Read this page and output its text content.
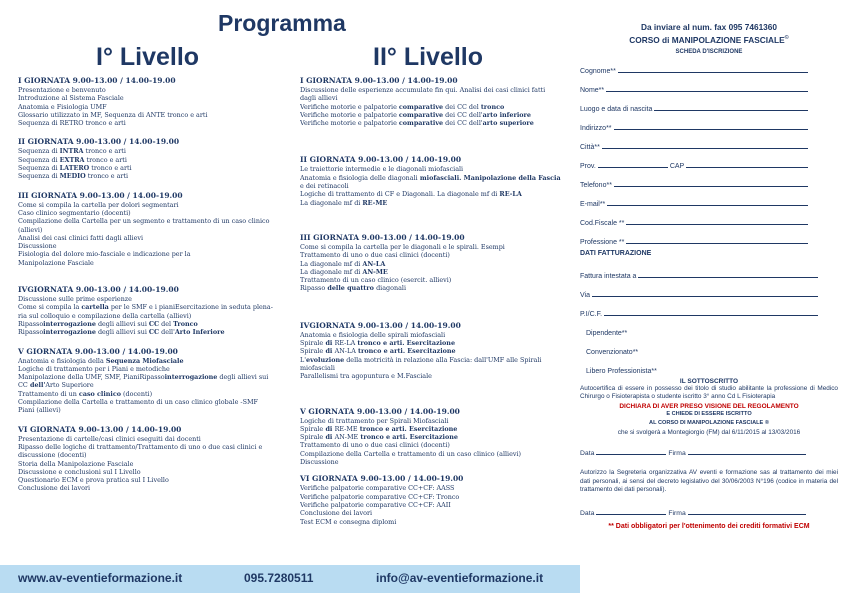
Programma
I° Livello	II° Livello
I GIORNATA 9.00-13.00 / 14.00-19.00
Presentazione e benvenuto
Introduzione al Sistema Fasciale
Anatomia e Fisiologia UMF
Glossario utilizzato in MF, Sequenza di ANTE tronco e arti
Sequenza di RETRO tronco e arti
II GIORNATA 9.00-13.00 / 14.00-19.00
Sequenza di INTRA tronco e arti
Sequenza di EXTRA tronco e arti
Sequenza di LATERO tronco e arti
Sequenza di MEDIO tronco e arti
III GIORNATA 9.00-13.00 / 14.00-19.00
Come si compila la cartella per dolori segmentari
Caso clinico segmentario (docenti)
Compilazione della Cartella per un segmento e trattamento di un caso clinico
(allievi)
Analisi dei casi clinici fatti dagli allievi
Discussione
Fisiologia del dolore mio-fasciale e indicazione per la
Manipolazione Fasciale
IVGIORNATA 9.00-13.00 / 14.00-19.00
Discussione sulle prime esperienze
Come si compila la cartella per le SMF e i pianiEsercitazione in seduta plena-
ria sul colloquio e compilazione della cartella (allievi)
Ripassointerrogazione degli allievi sui CC del Tronco
Ripassointerrogazione degli allievi sui CC dell'Arto Inferiore
V GIORNATA 9.00-13.00 / 14.00-19.00
Anatomia e fisiologia della Sequenza Miofasciale
Logiche di trattamento per i Piani e metodiche
Manipolazione della UMF, SMF, PianiRipassointerrogazione degli allievi sui
CC dell'Arto Superiore
Trattamento di un caso clinico (docenti)
Compilazione della Cartella e trattamento di un caso clinico globale -SMF
Piani (allievi)
VI GIORNATA 9.00-13.00 / 14.00-19.00
Presentazione di cartelle/casi clinici eseguiti dai docenti
Ripasso delle logiche di trattamento/Trattamento di uno o due casi clinici e
discussione (docenti)
Storia della Manipolazione Fasciale
Discussione e conclusioni sul I Livello
Questionario ECM e prova pratica sul I Livello
Conclusione dei lavori
I GIORNATA 9.00-13.00 / 14.00-19.00
Discussione delle esperienze accumulate fin qui. Analisi dei casi clinici fatti
dagli allievi
Verifiche motorie e palpatorie comparative dei CC del tronco
Verifiche motorie e palpatorie comparative dei CC dell'arto inferiore
Verifiche motorie e palpatorie comparative dei CC dell'arto superiore
II GIORNATA 9.00-13.00 / 14.00-19.00
Le traiettorie intermedie e le diagonali miofasciali
Anatomia e fisiologia delle diagonali miofasciali. Manipolazione della Fascia
e dei retinacoli
Logiche di trattamento di CF e Diagonali. La diagonale mf di RE-LA
La diagonale mf di RE-ME
III GIORNATA 9.00-13.00 / 14.00-19.00
Come si compila la cartella per le diagonali e le spirali. Esempi
Trattamento di uno o due casi clinici (docenti)
La diagonale mf di AN-LA
La diagonale mf di AN-ME
Trattamento di un caso clinico (esercit. allievi)
Ripasso delle quattro diagonali
IVGIORNATA 9.00-13.00 / 14.00-19.00
Anatomia e fisiologia delle spirali miofasciali
Spirale di RE-LA tronco e arti. Esercitazione
Spirale di AN-LA tronco e arti. Esercitazione
L'evoluzione della motricità in relazione alla Fascia: dall'UMF alle Spirali
miofasciali
Parallelismi tra agopuntura e M.Fasciale
V GIORNATA 9.00-13.00 / 14.00-19.00
Logiche di trattamento per Spirali Miofasciali
Spirale di RE-ME tronco e arti. Esercitazione
Spirale di AN-ME tronco e arti. Esercitazione
Trattamento di uno o due casi clinici (docenti)
Compilazione della Cartella e trattamento di un caso clinico (allievi)
Discussione
VI GIORNATA 9.00-13.00 / 14.00-19.00
Verifiche palpatorie comparative CC+CF: AASS
Verifiche palpatorie comparative CC+CF: Tronco
Verifiche palpatorie comparative CC+CF: AAII
Conclusione dei lavori
Test ECM e consegna diplomi
Da inviare al num. fax 095 7461360
CORSO di MANIPOLAZIONE FASCIALE©
SCHEDA D'ISCRIZIONE
Cognome**
Nome**
Luogo e data di nascita
Indirizzo**
Città**
Prov.	CAP
Telefono**
E-mail**
Cod.Fiscale **
Professione **
DATI FATTURAZIONE
Fattura intestata a
Via
P.I/C.F.
Dipendente**
Convenzionato**
Libero Professionista**
IL SOTTOSCRITTO
Autocertifica di essere in possesso dei titolo di studio abilitante la professione di Medico Chirurgo o Fisioterapista o studente iscritto 3° anno Cd L Fisioterapia
DICHIARA DI AVER PRESO VISIONE DEL REGOLAMENTO
E CHIEDE DI ESSERE ISCRITTO
AL CORSO DI MANIPOLAZIONE FASCIALE ®
che si svolgerà a Montegiorgio (FM) dal 6/11/2015 al 13/03/2016
Data	Firma
Autorizzo la Segreteria organizzativa AV eventi e formazione sas al trattamento dei miei dati personali, ai sensi del decreto legislativo del 30/06/2003 N°196 (codice in materia del trattamento dei dati personali).
Data	Firma
** Dati obbligatori per l'ottenimento dei crediti formativi ECM
www.av-eventieformazione.it	095.7280511	info@av-eventieformazione.it
